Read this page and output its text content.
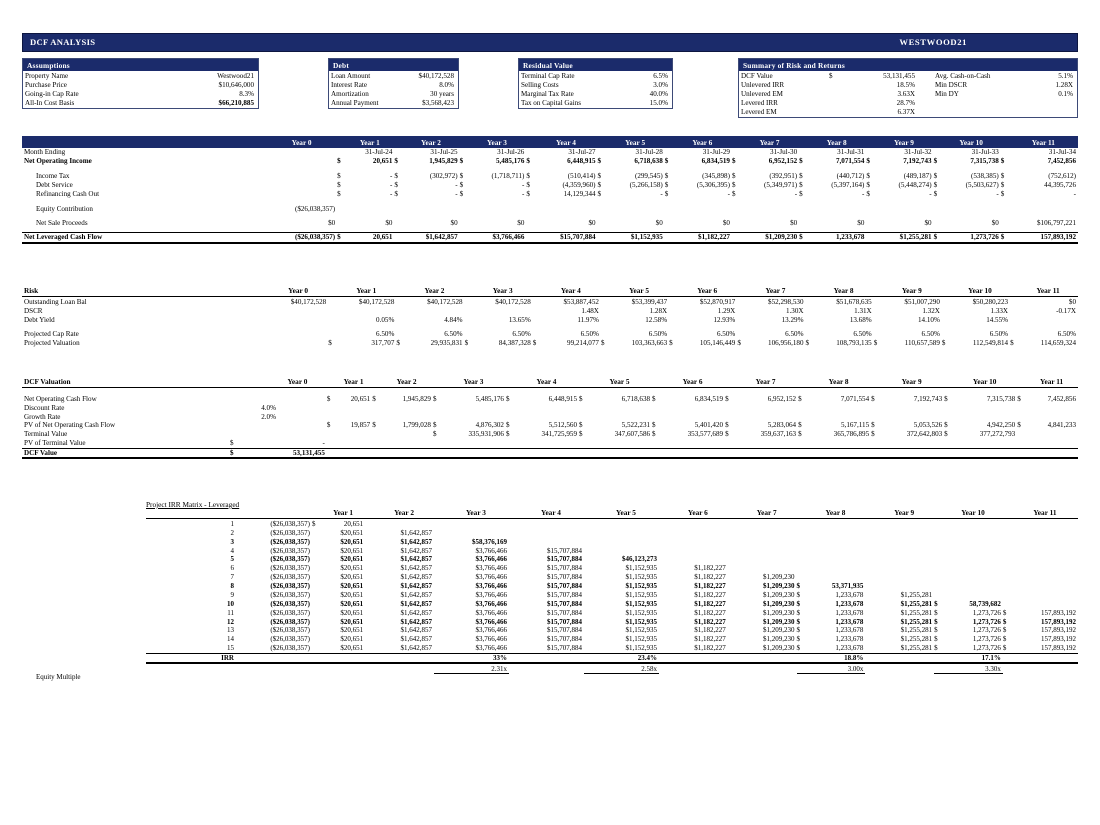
DCF ANALYSIS	WESTWOOD21
Assumptions
Property Name	Westwood21
Purchase Price	$10,646,000
Going-in Cap Rate	8.3%
All-In Cost Basis	$66,210,885
Debt
Loan Amount	$40,172,528
Interest Rate	8.0%
Amortization	30 years
Annual Payment	$3,568,423
Residual Value
Terminal Cap Rate	6.5%
Selling Costs	3.0%
Marginal Tax Rate	40.0%
Tax on Capital Gains	15.0%
Summary of Risk and Returns
DCF Value	$	53,131,455	Avg. Cash-on-Cash	5.1%
Unlevered IRR		18.5%	Min DSCR	1.28X
Unlevered EM		3.63X	Min DY	0.1%
Levered IRR		28.7%		
Levered EM		6.37X		
		Year 0		Year 1		Year 2		Year 3		Year 4		Year 5		Year 6		Year 7		Year 8		Year 9		Year 10		Year 11
Month Ending				31-Jul-24		31-Jul-25		31-Jul-26		31-Jul-27		31-Jul-28		31-Jul-29		31-Jul-30		31-Jul-31		31-Jul-32		31-Jul-33		31-Jul-34
Net Operating Income			$	20,651	$	1,945,829	$	5,485,176	$	6,448,915	$	6,718,638	$	6,834,519	$	6,952,152	$	7,071,554	$	7,192,743	$	7,315,738	$	7,452,856

Income Tax			$	-	$	(302,972)	$	(1,718,711)	$	(510,414)	$	(299,545)	$	(345,898)	$	(392,951)	$	(440,712)	$	(489,187)	$	(538,385)	$	(752,612)
Debt Service			$	-	$	-	$	-	$	(4,359,960)	$	(5,266,158)	$	(5,306,395)	$	(5,349,971)	$	(5,397,164)	$	(5,448,274)	$	(5,503,627)	$	44,395,726
Refinancing Cash Out			$	-	$	-	$	-	$	14,129,344	$	-	$	-	$	-	$	-	$	-	$	-	$	-

Equity Contribution		($26,038,357)																						

Net Sale Proceeds		$0		$0		$0		$0		$0		$0		$0		$0		$0		$0		$0		$106,797,221

Net Leveraged Cash Flow		($26,038,357)	$	20,651		$1,642,857		$3,766,466		$15,707,884		$1,152,935		$1,182,227		$1,209,230	$	1,233,678		$1,255,281	$	1,273,726	$	157,893,192
Risk		Year 0		Year 1		Year 2		Year 3		Year 4		Year 5		Year 6		Year 7		Year 8		Year 9		Year 10		Year 11
Outstanding Loan Bal		$40,172,528		$40,172,528		$40,172,528		$40,172,528		$53,887,452		$53,399,437		$52,870,917		$52,298,530		$51,678,635		$51,007,290		$50,280,223		$0
DSCR										1.48X		1.28X		1.29X		1.30X		1.31X		1.32X		1.33X		-0.17X
Debt Yield				0.05%		4.84%		13.65%		11.97%		12.58%		12.93%		13.29%		13.68%		14.10%		14.55%		

Projected Cap Rate				6.50%		6.50%		6.50%		6.50%		6.50%		6.50%		6.50%		6.50%		6.50%		6.50%		6.50%
Projected Valuation			$	317,707	$	29,935,831	$	84,387,328	$	99,214,077	$	103,363,663	$	105,146,449	$	106,956,180	$	108,793,135	$	110,657,589	$	112,549,814	$	114,659,324
DCF Valuation		Year 0		Year 1		Year 2		Year 3		Year 4		Year 5		Year 6		Year 7		Year 8		Year 9		Year 10		Year 11

Net Operating Cash Flow			$	20,651	$	1,945,829	$	5,485,176	$	6,448,915	$	6,718,638	$	6,834,519	$	6,952,152	$	7,071,554	$	7,192,743	$	7,315,738	$	7,452,856
Discount Rate 4.0%																								

Growth Rate 2.0%																								

PV of Net Operating Cash Flow			$	19,857	$	1,799,028	$	4,876,302	$	5,512,560	$	5,522,231	$	5,401,420	$	5,283,064	$	5,167,115	$	5,053,526	$	4,942,250	$	4,841,233
Terminal Value							$	335,931,906	$	341,725,959	$	347,607,586	$	353,577,689	$	359,637,163	$	365,786,895	$	372,642,803	$	377,272,793		
PV of Terminal Value $		-																						
DCF Value $		53,131,455																						
Project IRR Matrix - Leveraged
			Year 1		Year 2		Year 3		Year 4		Year 5		Year 6		Year 7		Year 8		Year 9		Year 10		Year 11
1	($26,038,357)	$	20,651																				
2	($26,038,357)		$20,651		$1,642,857																		
3	($26,038,357)		$20,651		$1,642,857		$58,376,169																
4	($26,038,357)		$20,651		$1,642,857		$3,766,466		$15,707,884														
5	($26,038,357)		$20,651		$1,642,857		$3,766,466		$15,707,884		$46,123,273												
6	($26,038,357)		$20,651		$1,642,857		$3,766,466		$15,707,884		$1,152,935		$1,182,227										
7	($26,038,357)		$20,651		$1,642,857		$3,766,466		$15,707,884		$1,152,935		$1,182,227		$1,209,230								
8	($26,038,357)		$20,651		$1,642,857		$3,766,466		$15,707,884		$1,152,935		$1,182,227		$1,209,230	$	53,371,935						
9	($26,038,357)		$20,651		$1,642,857		$3,766,466		$15,707,884		$1,152,935		$1,182,227		$1,209,230	$	1,233,678		$1,255,281				
10	($26,038,357)		$20,651		$1,642,857		$3,766,466		$15,707,884		$1,152,935		$1,182,227		$1,209,230	$	1,233,678		$1,255,281	$	58,739,682		
11	($26,038,357)		$20,651		$1,642,857		$3,766,466		$15,707,884		$1,152,935		$1,182,227		$1,209,230	$	1,233,678		$1,255,281	$	1,273,726	$	157,893,192
12	($26,038,357)		$20,651		$1,642,857		$3,766,466		$15,707,884		$1,152,935		$1,182,227		$1,209,230	$	1,233,678		$1,255,281	$	1,273,726	$	157,893,192
13	($26,038,357)		$20,651		$1,642,857		$3,766,466		$15,707,884		$1,152,935		$1,182,227		$1,209,230	$	1,233,678		$1,255,281	$	1,273,726	$	157,893,192
14	($26,038,357)		$20,651		$1,642,857		$3,766,466		$15,707,884		$1,152,935		$1,182,227		$1,209,230	$	1,233,678		$1,255,281	$	1,273,726	$	157,893,192
15	($26,038,357)		$20,651		$1,642,857		$3,766,466		$15,707,884		$1,152,935		$1,182,227		$1,209,230	$	1,233,678		$1,255,281	$	1,273,726	$	157,893,192
IRR							33%				23.4%						18.8%				17.1%		

Equity Multiple							2.31x				2.58x						3.00x				3.30x		
